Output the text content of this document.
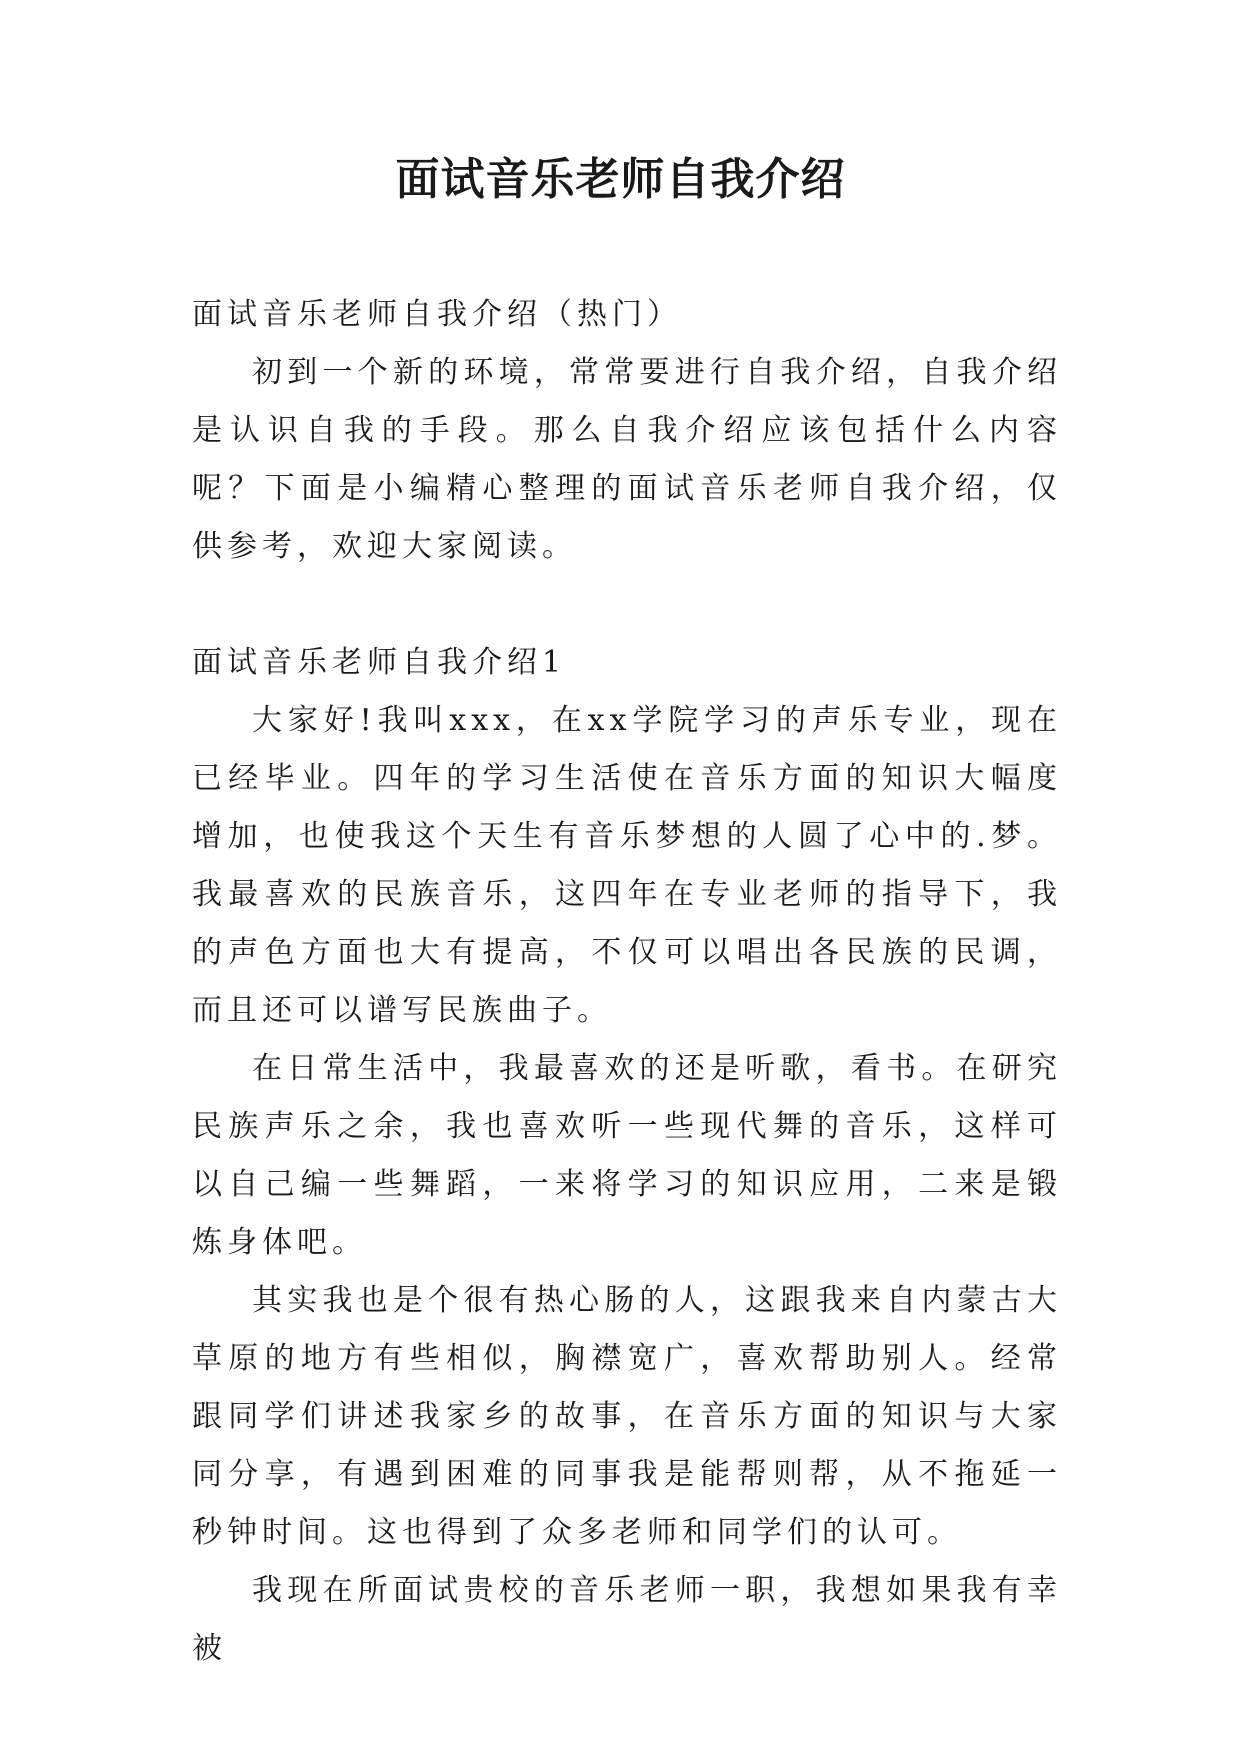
面试音乐老师自我介绍

面试音乐老师自我介绍（热门）

初到一个新的环境，常常要进行自我介绍，自我介绍是认识自我的手段。那么自我介绍应该包括什么内容呢？下面是小编精心整理的面试音乐老师自我介绍，仅供参考，欢迎大家阅读。

面试音乐老师自我介绍1

大家好!我叫xxx，在xx学院学习的声乐专业，现在已经毕业。四年的学习生活使在音乐方面的知识大幅度增加，也使我这个天生有音乐梦想的人圆了心中的.梦。我最喜欢的民族音乐，这四年在专业老师的指导下，我的声色方面也大有提高，不仅可以唱出各民族的民调，而且还可以谱写民族曲子。

在日常生活中，我最喜欢的还是听歌，看书。在研究民族声乐之余，我也喜欢听一些现代舞的音乐，这样可以自己编一些舞蹈，一来将学习的知识应用，二来是锻炼身体吧。

其实我也是个很有热心肠的人，这跟我来自内蒙古大草原的地方有些相似，胸襟宽广，喜欢帮助别人。经常跟同学们讲述我家乡的故事，在音乐方面的知识与大家同分享，有遇到困难的同事我是能帮则帮，从不拖延一秒钟时间。这也得到了众多老师和同学们的认可。

我现在所面试贵校的音乐老师一职，我想如果我有幸被
